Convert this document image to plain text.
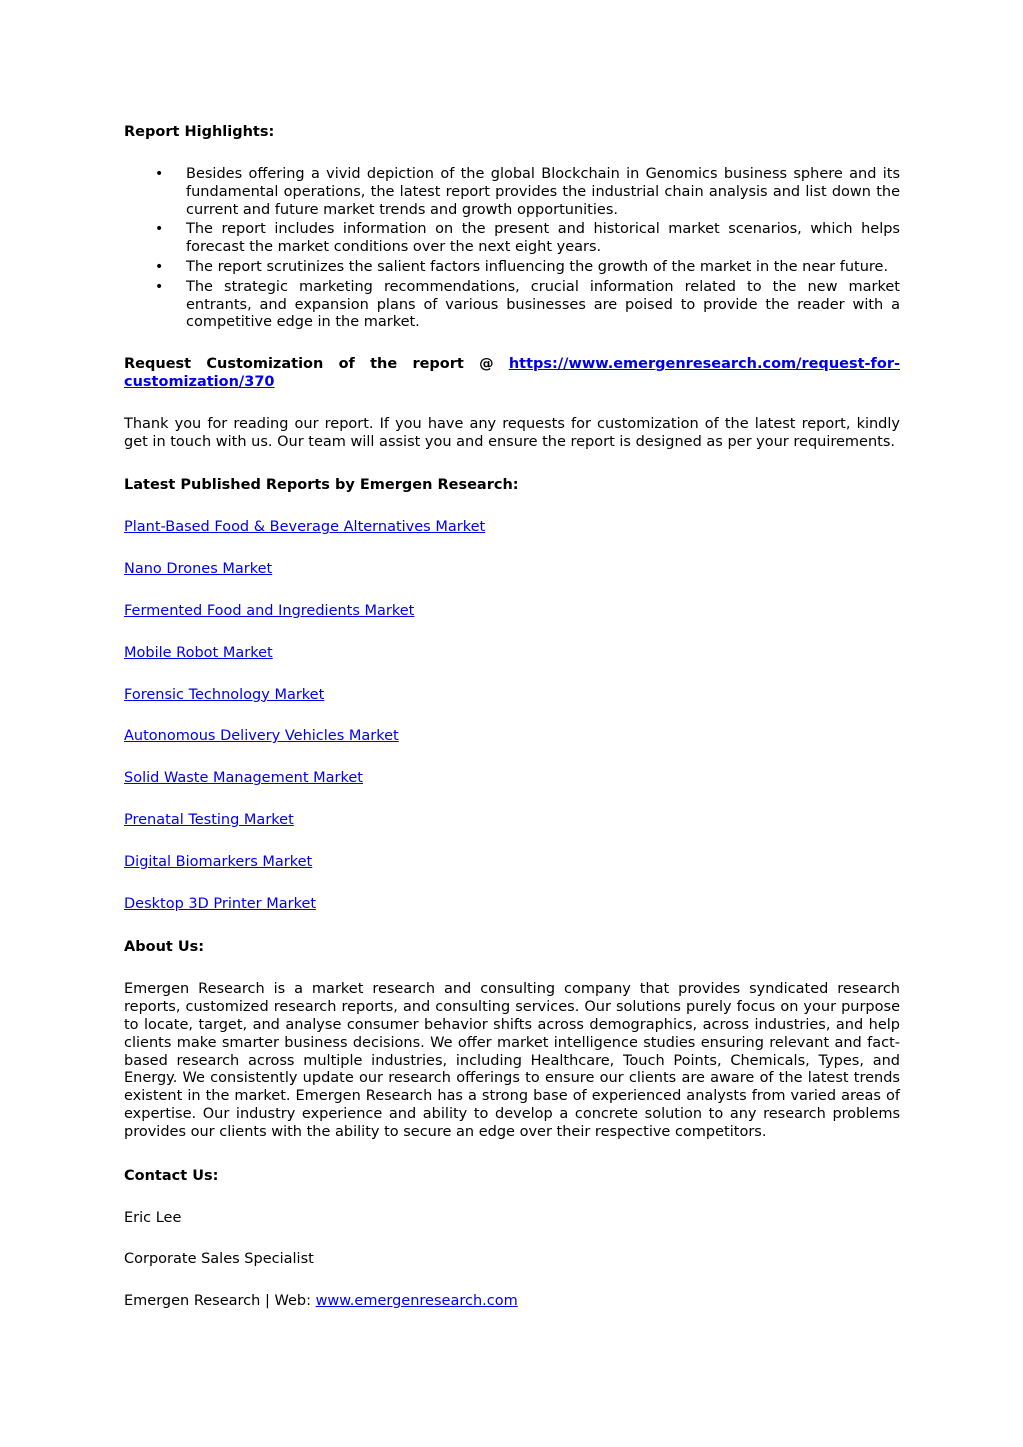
Report Highlights:
• Besides offering a vivid depiction of the global Blockchain in Genomics business sphere and its fundamental operations, the latest report provides the industrial chain analysis and list down the current and future market trends and growth opportunities.
• The report includes information on the present and historical market scenarios, which helps forecast the market conditions over the next eight years.
• The report scrutinizes the salient factors influencing the growth of the market in the near future.
• The strategic marketing recommendations, crucial information related to the new market entrants, and expansion plans of various businesses are poised to provide the reader with a competitive edge in the market.
Request Customization of the report @ https://www.emergenresearch.com/request-for-customization/370
Thank you for reading our report. If you have any requests for customization of the latest report, kindly get in touch with us. Our team will assist you and ensure the report is designed as per your requirements.
Latest Published Reports by Emergen Research:
Plant-Based Food & Beverage Alternatives Market
Nano Drones Market
Fermented Food and Ingredients Market
Mobile Robot Market
Forensic Technology Market
Autonomous Delivery Vehicles Market
Solid Waste Management Market
Prenatal Testing Market
Digital Biomarkers Market
Desktop 3D Printer Market
About Us:
Emergen Research is a market research and consulting company that provides syndicated research reports, customized research reports, and consulting services. Our solutions purely focus on your purpose to locate, target, and analyse consumer behavior shifts across demographics, across industries, and help clients make smarter business decisions. We offer market intelligence studies ensuring relevant and fact-based research across multiple industries, including Healthcare, Touch Points, Chemicals, Types, and Energy. We consistently update our research offerings to ensure our clients are aware of the latest trends existent in the market. Emergen Research has a strong base of experienced analysts from varied areas of expertise. Our industry experience and ability to develop a concrete solution to any research problems provides our clients with the ability to secure an edge over their respective competitors.
Contact Us:
Eric Lee
Corporate Sales Specialist
Emergen Research | Web: www.emergenresearch.com
